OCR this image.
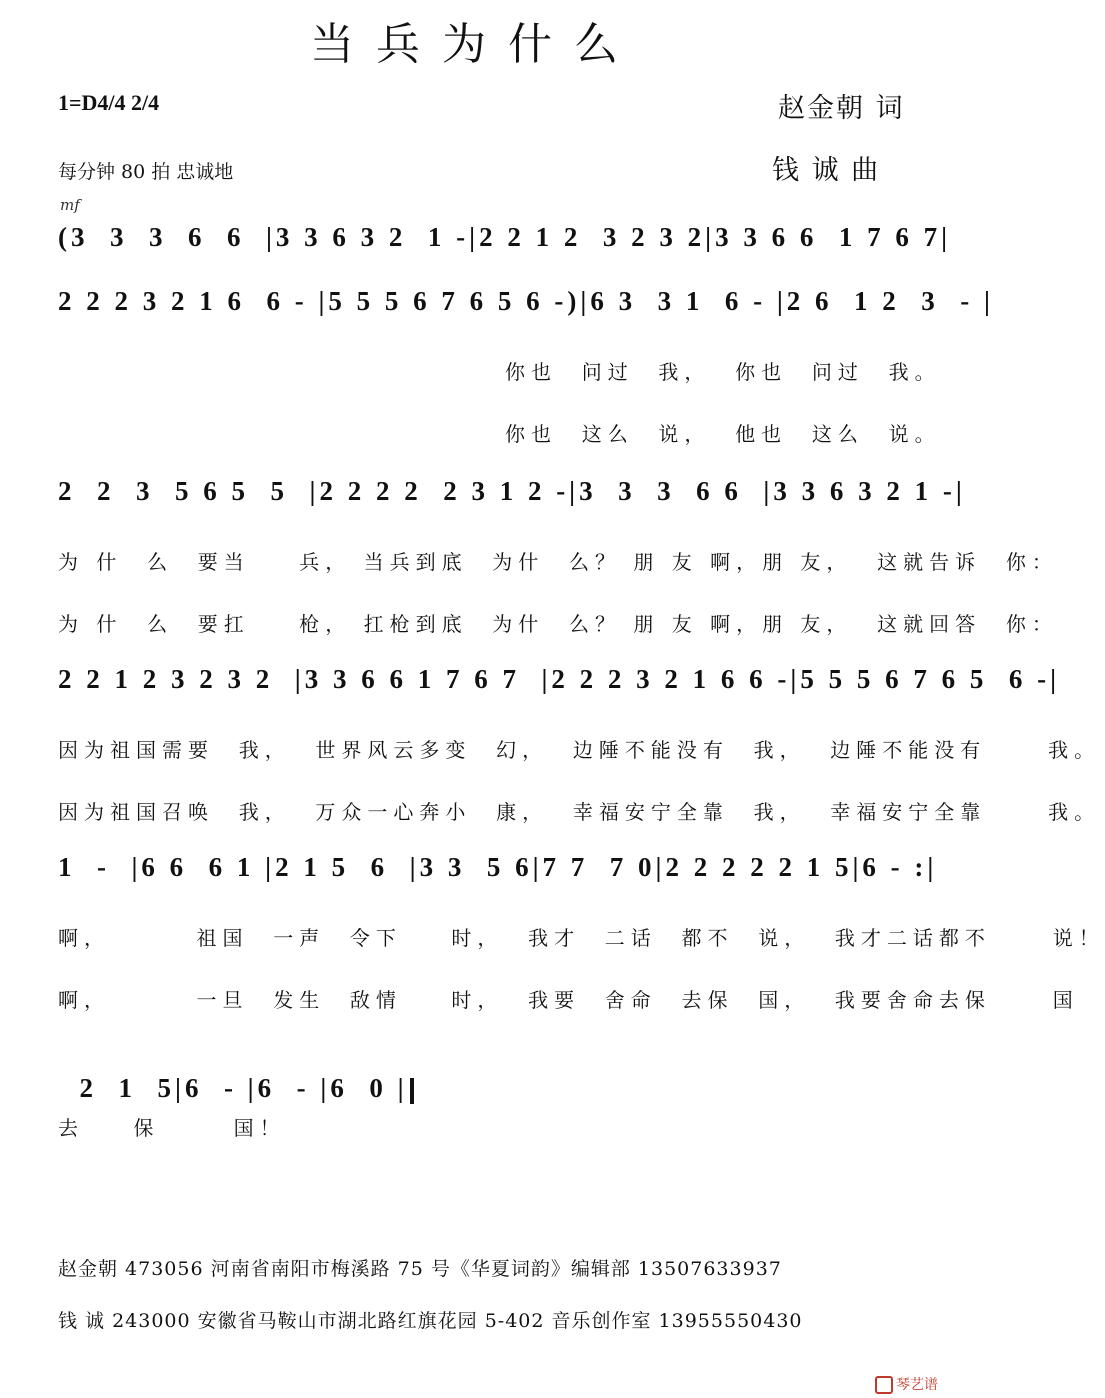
当兵为什么
1=D4/4 2/4
每分钟 80 拍 忠诚地
赵金朝 词
钱 诚 曲
mf
(3  3  3  6  6  |3 3 6 3 2  1 -|2 2 1 2  3 2 3 2|3 3 6 6  1 7 6 7|
2 2 2 3 2 1 6  6 - |5 5 5 6 7 6 5 6 -)|6 3  3 1  6 - |2 6  1 2  3  - |
你也  问过  我，  你也  问过  我。
你也  这么  说，  他也  这么  说。
2  2  3  5 6 5  5  |2 2 2 2  2 3 1 2 -|3  3  3  6 6  |3 3 6 3 2 1 -|
为 什  么  要当    兵， 当兵到底  为什  么？ 朋 友 啊，朋 友，  这就告诉  你：
为 什  么  要扛    枪， 扛枪到底  为什  么？ 朋 友 啊，朋 友，  这就回答  你：
2 2 1 2 3 2 3 2  |3 3 6 6 1 7 6 7  |2 2 2 3 2 1 6 6 -|5 5 5 6 7 6 5  6 -|
因为祖国需要  我，  世界风云多变  幻，  边陲不能没有  我，  边陲不能没有     我。
因为祖国召唤  我，  万众一心奔小  康，  幸福安宁全靠  我，  幸福安宁全靠     我。
1  -  |6 6  6 1 |2 1 5  6  |3 3  5 6|7 7  7 0|2 2 2 2 2 1 5|6 - :|
啊，       祖国  一声  令下    时，  我才  二话  都不  说，  我才二话都不     说！
啊，       一旦  发生  敌情    时，  我要  舍命  去保  国，  我要舍命去保     国

2  1  5|6  - |6  - |6  0 |

去    保      国！
赵金朝 473056 河南省南阳市梅溪路 75 号《华夏词韵》编辑部 13507633937
钱 诚 243000 安徽省马鞍山市湖北路红旗花园 5-402 音乐创作室 13955550430
琴艺谱
